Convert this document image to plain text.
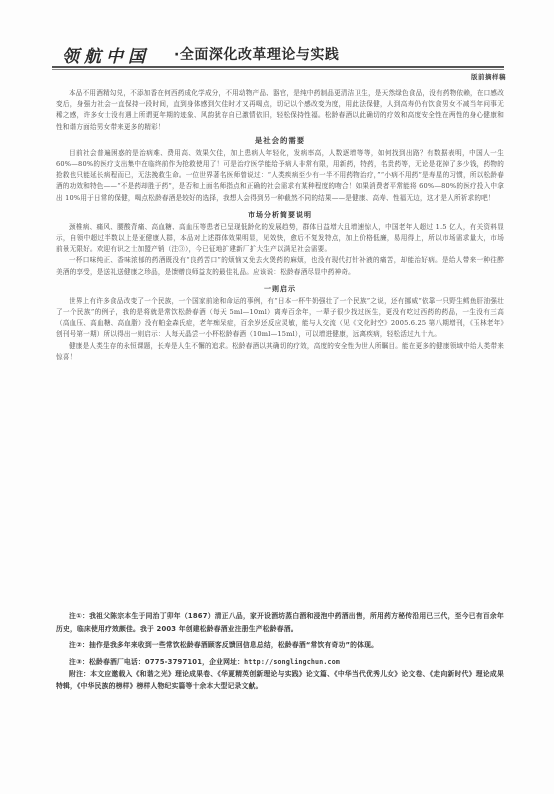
领航中国 ·全面深化改革理论与实践
版前摘样稿

本品不用酒精勾兑，不添加香在何西药成化学成分，不用动物产品、器官，是纯中药制品更清洁卫生，是天然绿色食品，没有药物依赖，在口感改变后，身强力社会一直保持一段时间，直到身体感到欠佳时才又再喝点，切记以个感改变为度，用此法保健，人到高寿仍有饮食男女不减当年问事无稀之感，许多女士没有遇上所谓更年期的迹象、风韵犹存自已激情依旧，轻松保持性福。松龄春酒以此确切的疗效和高度安全性在两性的身心健康和性和谐方面给男女带来更多的精彩！

是社会的需要

目前社会普遍困惑的是治病难、费用高、效果欠佳，加上患病人年轻化，发病率高，人数逐增等等，如何找到出路？有数据表明，中国人一生 60%—80%的医疗支出集中在临终前作为抢救使用了！可是治疗医学能给予病人非常有限，用新药，特药，名贵药等，无论是花掉了多少钱，药物的抢救也只能延长病程而已，无法挽救生命。一位世界著名医师曾说过：“人类疾病至少有一半不用药物治疗，”“小病不用药”是寿星的习惯，所以松龄春酒的功效和特色——“不是药却胜于药”，是否和上面名师指点和正确的社会需求有某种程度的吻合！如果消费者平常能将 60%—80%的医疗投入中拿出 10%用于日常的保健，喝点松龄春酒是较好的选择，我想人会得到另一种截然不同的结果——是健康、高寿、性福无边，这才是人所祈求的吧！

市场分析简要说明

颈椎病、痛风、腰酸背痛、高血糖、高血压等患者已呈现低龄化的发展趋势，群体日益增大且增速惊人，中国老年人超过 1.5 亿人，有关资料显示，自领中超过半数以上是亚健康人群，本品对上述群体效果明显，见效快，愈后不复发特点，加上价格低廉，易用得上，所以市场需求量大，市场前景无限好。欢迎有识之士加盟产销（注③），今已征地扩建新厂扩大生产以满足社会需要。

一杯口味纯正、香味浓郁的药酒既没有“良药苦口”的烦恼又免去火煲药的麻烦，也没有现代打针补液的痛苦，却能治好病。是给人带来一种往醉美酒的享受，是送礼送健康之珍品，是馈赠良师益友的最佳礼品。应该说：松龄春酒尽显中药神奇。

一则启示

世界上有许多食品改变了一个民族，一个国家前途和命运的事例，有“日本一杯牛奶强壮了一个民族”之说，还有挪威“依靠一只野生鳕鱼肝油强壮了一个民族”的例子，我的是将就是常饮松龄春酒（每天 5ml—10ml）离寿百余年，一辈子很少找过医生，更没有吃过西药的药品，一生没有三高（高血压、高血糖、高血脂）没有帕金森氏症，老年痴呆症，百余岁还反应灵敏，能与人交流（见《文化时空》2005.6.25 第八期增刊，《玉林老年》创刊号第一期）所以得出一则启示：人每天晶尝一小杯松龄春酒（10ml—15ml），可以增进健康，远离疾病，轻松活过九十九。

健康是人类生存的永恒课题，长寿是人生不懈的追求。松龄春酒以其确切的疗效，高度的安全性为世人所瞩目。能在更多的健康领域中给人类带来惊喜！

注①：我祖父陈宗本生于同治丁卯年（1867）清正八品，家开设酒坊蒸白酒和浸泡中药酒出售，所用药方秘传沿用已三代，至今已有百余年历史，临床使用疗效颇佳。我于 2003 年创建松龄春酒业注册生产松龄春酒。
注②：抽作是我多年来收到一些常饮松龄春酒顾客反馈回信息总结，松龄春酒“常饮有奇功”的体现。
注③：松龄春酒厂电话：0775-3797101，企业网址：http://songlingchun.com
附注：本文应邀载入《和谐之光》理论成果卷、《华夏精英创新理论与实践》论文篇、《中华当代优秀儿女》论文卷、《走向新时代》理论成果特辑，《中华民族的榜样》榜样人物纪实篇等十余本大型记录文献。
